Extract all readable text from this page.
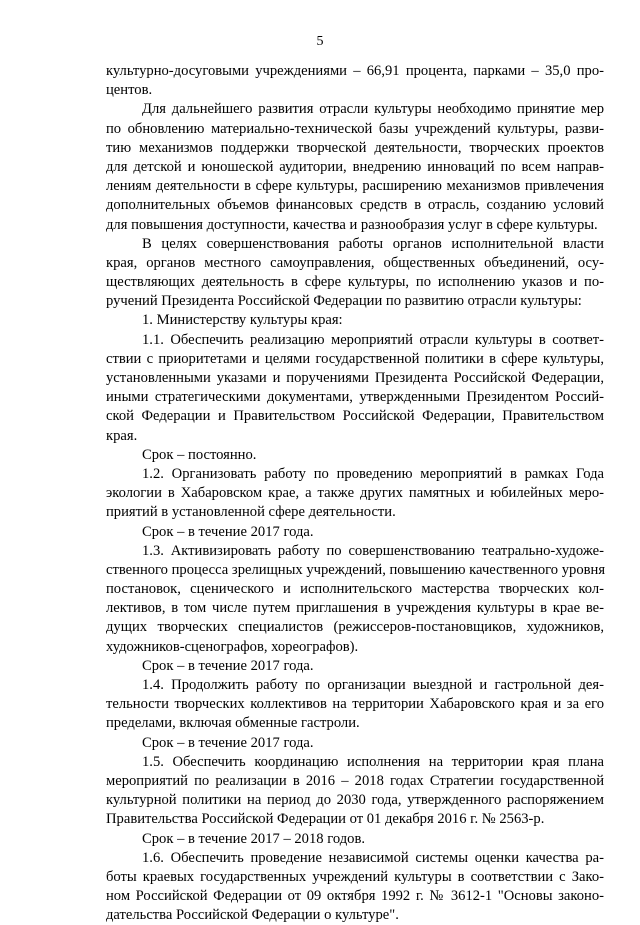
5
культурно-досуговыми учреждениями – 66,91 процента, парками – 35,0 про-
центов.
Для дальнейшего развития отрасли культуры необходимо принятие мер
по обновлению материально-технической базы учреждений культуры, разви-
тию механизмов поддержки творческой деятельности, творческих проектов
для детской и юношеской аудитории, внедрению инноваций по всем направ-
лениям деятельности в сфере культуры, расширению механизмов привлечения
дополнительных объемов финансовых средств в отрасль, созданию условий
для повышения доступности, качества и разнообразия услуг в сфере культуры.
В целях совершенствования работы органов исполнительной власти
края, органов местного самоуправления, общественных объединений, осу-
ществляющих деятельность в сфере культуры, по исполнению указов и по-
ручений Президента Российской Федерации по развитию отрасли культуры:
1. Министерству культуры края:
1.1. Обеспечить реализацию мероприятий отрасли культуры в соответ-
ствии с приоритетами и целями государственной политики в сфере культуры,
установленными указами и поручениями Президента Российской Федерации,
иными стратегическими документами, утвержденными Президентом Россий-
ской Федерации и Правительством Российской Федерации, Правительством
края.
Срок – постоянно.
1.2. Организовать работу по проведению мероприятий в рамках Года
экологии в Хабаровском крае, а также других памятных и юбилейных меро-
приятий в установленной сфере деятельности.
Срок – в течение 2017 года.
1.3. Активизировать работу по совершенствованию театрально-художе-
ственного процесса зрелищных учреждений, повышению качественного уровня
постановок, сценического и исполнительского мастерства творческих кол-
лективов, в том числе путем приглашения в учреждения культуры в крае ве-
дущих творческих специалистов (режиссеров-постановщиков, художников,
художников-сценографов, хореографов).
Срок – в течение 2017 года.
1.4. Продолжить работу по организации выездной и гастрольной дея-
тельности творческих коллективов на территории Хабаровского края и за его
пределами, включая обменные гастроли.
Срок – в течение 2017 года.
1.5. Обеспечить координацию исполнения на территории края плана
мероприятий по реализации в 2016 – 2018 годах Стратегии государственной
культурной политики на период до 2030 года, утвержденного распоряжением
Правительства Российской Федерации от 01 декабря 2016 г. № 2563-р.
Срок – в течение 2017 – 2018 годов.
1.6. Обеспечить проведение независимой системы оценки качества ра-
боты краевых государственных учреждений культуры в соответствии с Зако-
ном Российской Федерации от 09 октября 1992 г. № 3612-1 "Основы законо-
дательства Российской Федерации о культуре".
